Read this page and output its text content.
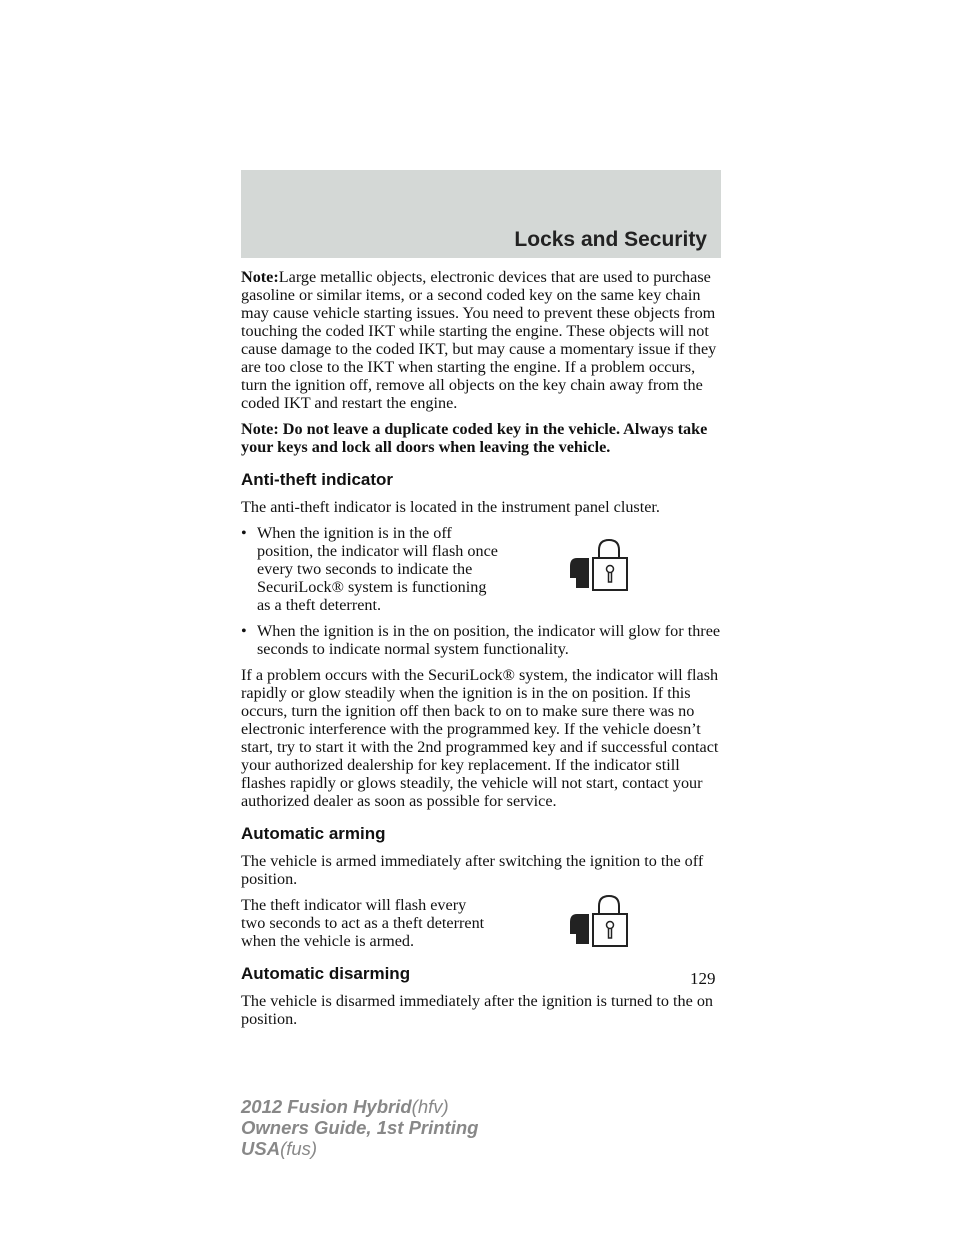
Locks and Security

Note:Large metallic objects, electronic devices that are used to purchase gasoline or similar items, or a second coded key on the same key chain may cause vehicle starting issues. You need to prevent these objects from touching the coded IKT while starting the engine. These objects will not cause damage to the coded IKT, but may cause a momentary issue if they are too close to the IKT when starting the engine. If a problem occurs, turn the ignition off, remove all objects on the key chain away from the coded IKT and restart the engine.

Note: Do not leave a duplicate coded key in the vehicle. Always take your keys and lock all doors when leaving the vehicle.

Anti-theft indicator

The anti-theft indicator is located in the instrument panel cluster.

• When the ignition is in the off position, the indicator will flash once every two seconds to indicate the SecuriLock® system is functioning as a theft deterrent.
• When the ignition is in the on position, the indicator will glow for three seconds to indicate normal system functionality.

If a problem occurs with the SecuriLock® system, the indicator will flash rapidly or glow steadily when the ignition is in the on position. If this occurs, turn the ignition off then back to on to make sure there was no electronic interference with the programmed key. If the vehicle doesn’t start, try to start it with the 2nd programmed key and if successful contact your authorized dealership for key replacement. If the indicator still flashes rapidly or glows steadily, the vehicle will not start, contact your authorized dealer as soon as possible for service.

Automatic arming

The vehicle is armed immediately after switching the ignition to the off position.

The theft indicator will flash every two seconds to act as a theft deterrent when the vehicle is armed.
Automatic disarming

The vehicle is disarmed immediately after the ignition is turned to the on position.

129
2012 Fusion Hybrid(hfv)
Owners Guide, 1st Printing
USA(fus)
